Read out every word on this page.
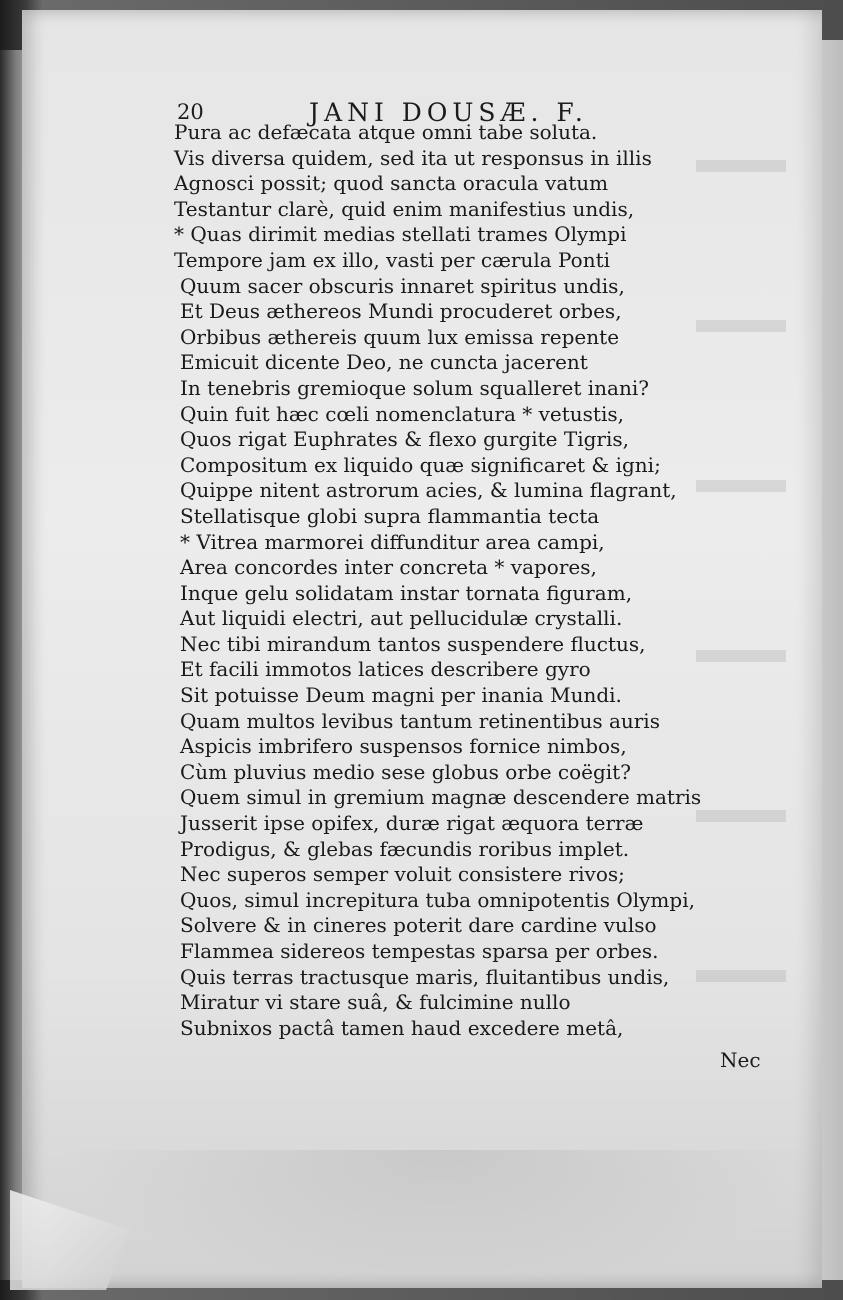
20	JANI DOUSÆ. F.
Pura ac defæcata atque omni tabe soluta.
Vis diversa quidem, sed ita ut responsus in illis
Agnosci possit; quod sancta oracula vatum
Testantur clarè, quid enim manifestius undis,
* Quas dirimit medias stellati trames Olympi
Tempore jam ex illo, vasti per cærula Ponti
Quum sacer obscuris innaret spiritus undis,
Et Deus æthereos Mundi procuderet orbes,
Orbibus æthereis quum lux emissa repente
Emicuit dicente Deo, ne cuncta jacerent
In tenebris gremioque solum squalleret inani?
Quin fuit hæc cœli nomenclatura * vetustis,
Quos rigat Euphrates & flexo gurgite Tigris,
Compositum ex liquido quæ significaret & igni;
Quippe nitent astrorum acies, & lumina flagrant,
Stellatisque globi supra flammantia tecta
* Vitrea marmorei diffunditur area campi,
Area concordes inter concreta * vapores,
Inque gelu solidatam instar tornata figuram,
Aut liquidi electri, aut pellucidulæ crystalli.
Nec tibi mirandum tantos suspendere fluctus,
Et facili immotos latices describere gyro
Sit potuisse Deum magni per inania Mundi.
Quam multos levibus tantum retinentibus auris
Aspicis imbrifero suspensos fornice nimbos,
Cùm pluvius medio sese globus orbe coëgit?
Quem simul in gremium magnæ descendere matris
Jusserit ipse opifex, duræ rigat æquora terræ
Prodigus, & glebas fæcundis roribus implet.
Nec superos semper voluit consistere rivos;
Quos, simul increpitura tuba omnipotentis Olympi,
Solvere & in cineres poterit dare cardine vulso
Flammea sidereos tempestas sparsa per orbes.
Quis terras tractusque maris, fluitantibus undis,
Miratur vi stare suâ, & fulcimine nullo
Subnixos pactâ tamen haud excedere metâ,
Nec
